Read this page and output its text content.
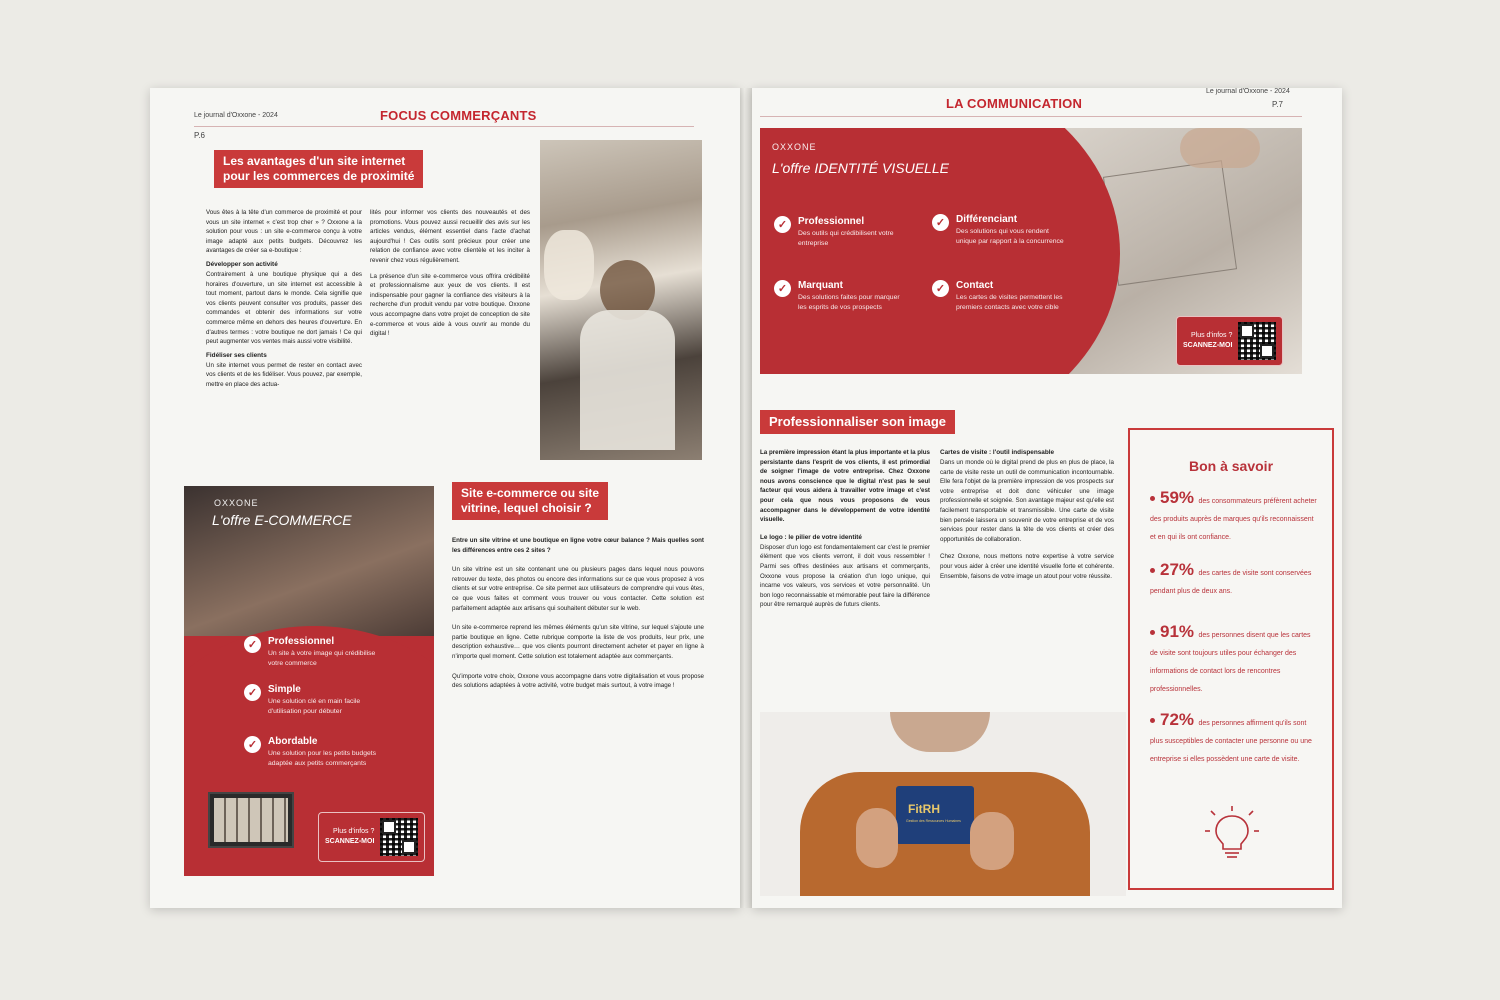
Le journal d'Oxxone - 2024
P.6
FOCUS COMMERÇANTS
Les avantages d'un site internet
pour les commerces de proximité

Vous êtes à la tête d'un commerce de proximité et pour vous un site internet « c'est trop cher » ? Oxxone a la solution pour vous : un site e-commerce conçu à votre image adapté aux petits budgets. Découvrez les avantages de créer sa e-boutique :

Développer son activité

Contrairement à une boutique physique qui a des horaires d'ouverture, un site internet est accessible à tout moment, partout dans le monde. Cela signifie que vos clients peuvent consulter vos produits, passer des commandes et obtenir des informations sur votre commerce même en dehors des heures d'ouverture. En d'autres termes : votre boutique ne dort jamais ! Ce qui peut augmenter vos ventes mais aussi votre visibilité.

Fidéliser ses clients

Un site internet vous permet de rester en contact avec vos clients et de les fidéliser. Vous pouvez, par exemple, mettre en place des actua-

lités pour informer vos clients des nouveautés et des promotions. Vous pouvez aussi recueillir des avis sur les articles vendus, élément essentiel dans l'acte d'achat aujourd'hui ! Ces outils sont précieux pour créer une relation de confiance avec votre clientèle et les inciter à revenir chez vous régulièrement.

La présence d'un site e-commerce vous offrira crédibilité et professionnalisme aux yeux de vos clients. Il est indispensable pour gagner la confiance des visiteurs à la recherche d'un produit vendu par votre boutique. Oxxone vous accompagne dans votre projet de conception de site e-commerce et vous aide à vous ouvrir au monde du digital !

OXXONE
L'offre E-COMMERCE
✓	Professionnel
Un site à votre image qui crédibilise
votre commerce
✓	Simple
Une solution clé en main facile
d'utilisation pour débuter
✓	Abordable
Une solution pour les petits budgets
adaptée aux petits commerçants
Plus d'infos ?
SCANNEZ-MOI
Site e-commerce ou site
vitrine, lequel choisir ?

Entre un site vitrine et une boutique en ligne votre cœur balance ? Mais quelles sont les différences entre ces 2 sites ?

Un site vitrine est un site contenant une ou plusieurs pages dans lequel nous pouvons retrouver du texte, des photos ou encore des informations sur ce que vous proposez à vos clients et sur votre entreprise. Ce site permet aux utilisateurs de comprendre qui vous êtes, ce que vous faites et comment vous trouver ou vous contacter. Cette solution est parfaitement adaptée aux artisans qui souhaitent débuter sur le web.

Un site e-commerce reprend les mêmes éléments qu'un site vitrine, sur lequel s'ajoute une partie boutique en ligne. Cette rubrique comporte la liste de vos produits, leur prix, une description exhaustive… que vos clients pourront directement acheter et payer en ligne à n'importe quel moment. Cette solution est totalement adaptée aux commerçants.

Qu'importe votre choix, Oxxone vous accompagne dans votre digitalisation et vous propose des solutions adaptées à votre activité, votre budget mais surtout, à votre image !

LA COMMUNICATION
Le journal d'Oxxone - 2024
P.7
OXXONE
L'offre IDENTITÉ VISUELLE
✓	Professionnel
Des outils qui crédibilisent votre
entreprise
✓	Différenciant
Des solutions qui vous rendent
unique par rapport à la concurrence
✓	Marquant
Des solutions faites pour marquer
les esprits de vos prospects
✓	Contact
Les cartes de visites permettent les
premiers contacts avec votre cible
Plus d'infos ?
SCANNEZ-MOI
Professionnaliser son image

La première impression étant la plus importante et la plus persistante dans l'esprit de vos clients, il est primordial de soigner l'image de votre entreprise. Chez Oxxone nous avons conscience que le digital n'est pas le seul facteur qui vous aidera à travailler votre image et c'est pour cela que nous vous proposons de vous accompagner dans le développement de votre identité visuelle.

Le logo : le pilier de votre identité

Disposer d'un logo est fondamentalement car c'est le premier élément que vos clients verront, il doit vous ressembler ! Parmi ses offres destinées aux artisans et commerçants, Oxxone vous propose la création d'un logo unique, qui incarne vos valeurs, vos services et votre personnalité. Un bon logo reconnaissable et mémorable peut faire la différence pour être remarqué auprès de futurs clients.

Cartes de visite : l'outil indispensable

Dans un monde où le digital prend de plus en plus de place, la carte de visite reste un outil de communication incontournable. Elle fera l'objet de la première impression de vos prospects sur votre entreprise et doit donc véhiculer une image professionnelle et soignée. Son avantage majeur est qu'elle est facilement transportable et transmissible. Une carte de visite bien pensée laissera un souvenir de votre entreprise et de vos services pour rester dans la tête de vos clients et créer des opportunités de collaboration.

Chez Oxxone, nous mettons notre expertise à votre service pour vous aider à créer une identité visuelle forte et cohérente. Ensemble, faisons de votre image un atout pour votre réussite.

FitRH
Gestion des Ressources Humaines
Bon à savoir
59% des consommateurs préfèrent acheter des produits auprès de marques qu'ils reconnaissent et en qui ils ont confiance.
27% des cartes de visite sont conservées pendant plus de deux ans.
91% des personnes disent que les cartes de visite sont toujours utiles pour échanger des informations de contact lors de rencontres professionnelles.
72% des personnes affirment qu'ils sont plus susceptibles de contacter une personne ou une entreprise si elles possèdent une carte de visite.
